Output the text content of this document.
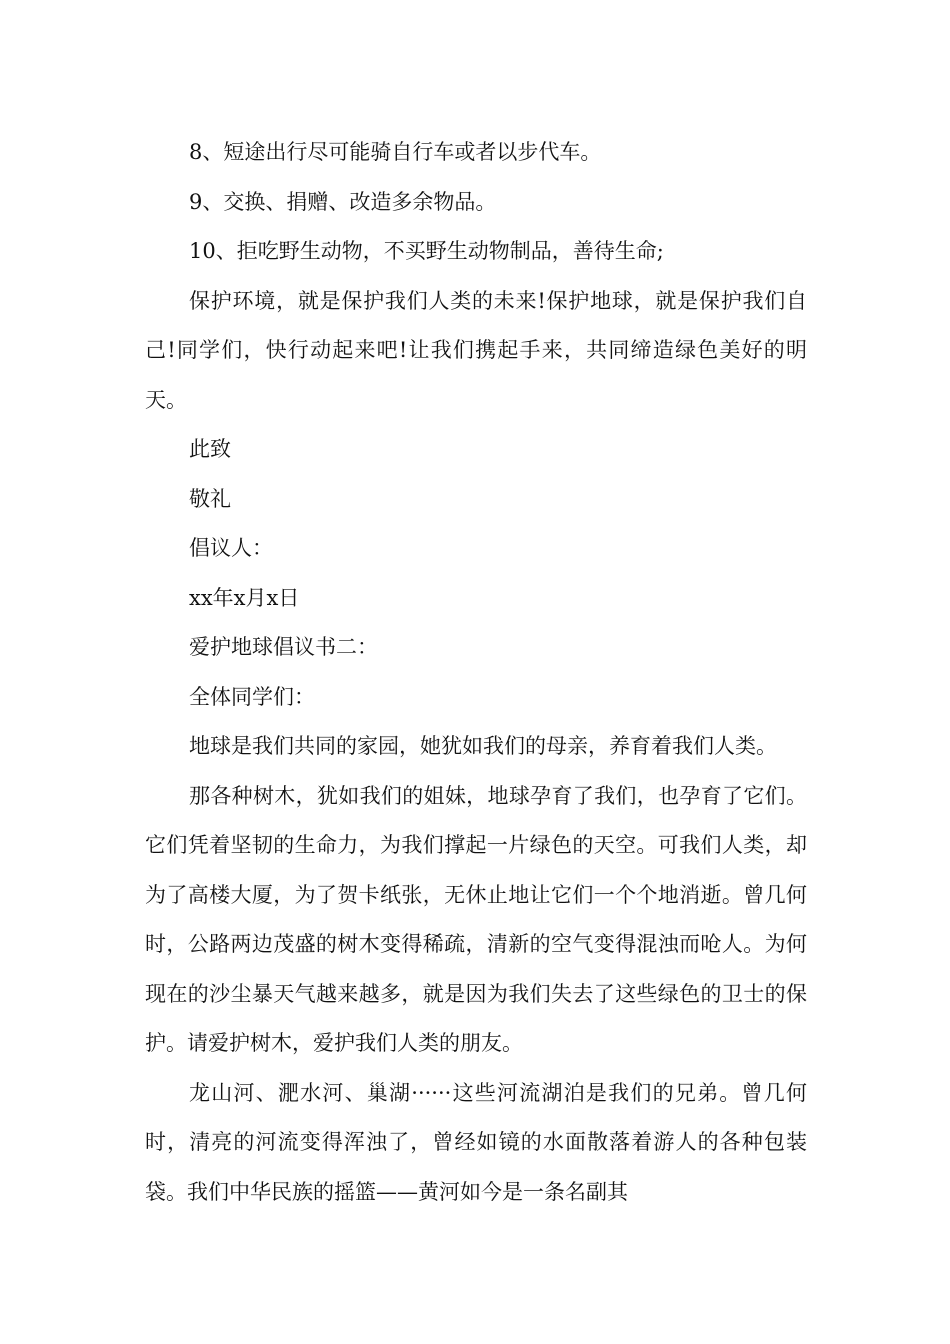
8、短途出行尽可能骑自行车或者以步代车。

9、交换、捐赠、改造多余物品。

10、拒吃野生动物，不买野生动物制品，善待生命;

保护环境，就是保护我们人类的未来!保护地球，就是保护我们自己!同学们，快行动起来吧!让我们携起手来，共同缔造绿色美好的明天。

此致

敬礼

倡议人：

xx年x月x日

爱护地球倡议书二：

全体同学们：

地球是我们共同的家园，她犹如我们的母亲，养育着我们人类。

那各种树木，犹如我们的姐妹，地球孕育了我们，也孕育了它们。它们凭着坚韧的生命力，为我们撑起一片绿色的天空。可我们人类，却为了高楼大厦，为了贺卡纸张，无休止地让它们一个个地消逝。曾几何时，公路两边茂盛的树木变得稀疏，清新的空气变得混浊而呛人。为何现在的沙尘暴天气越来越多，就是因为我们失去了这些绿色的卫士的保护。请爱护树木，爱护我们人类的朋友。

龙山河、淝水河、巢湖······这些河流湖泊是我们的兄弟。曾几何时，清亮的河流变得浑浊了，曾经如镜的水面散落着游人的各种包装袋。我们中华民族的摇篮——黄河如今是一条名副其
